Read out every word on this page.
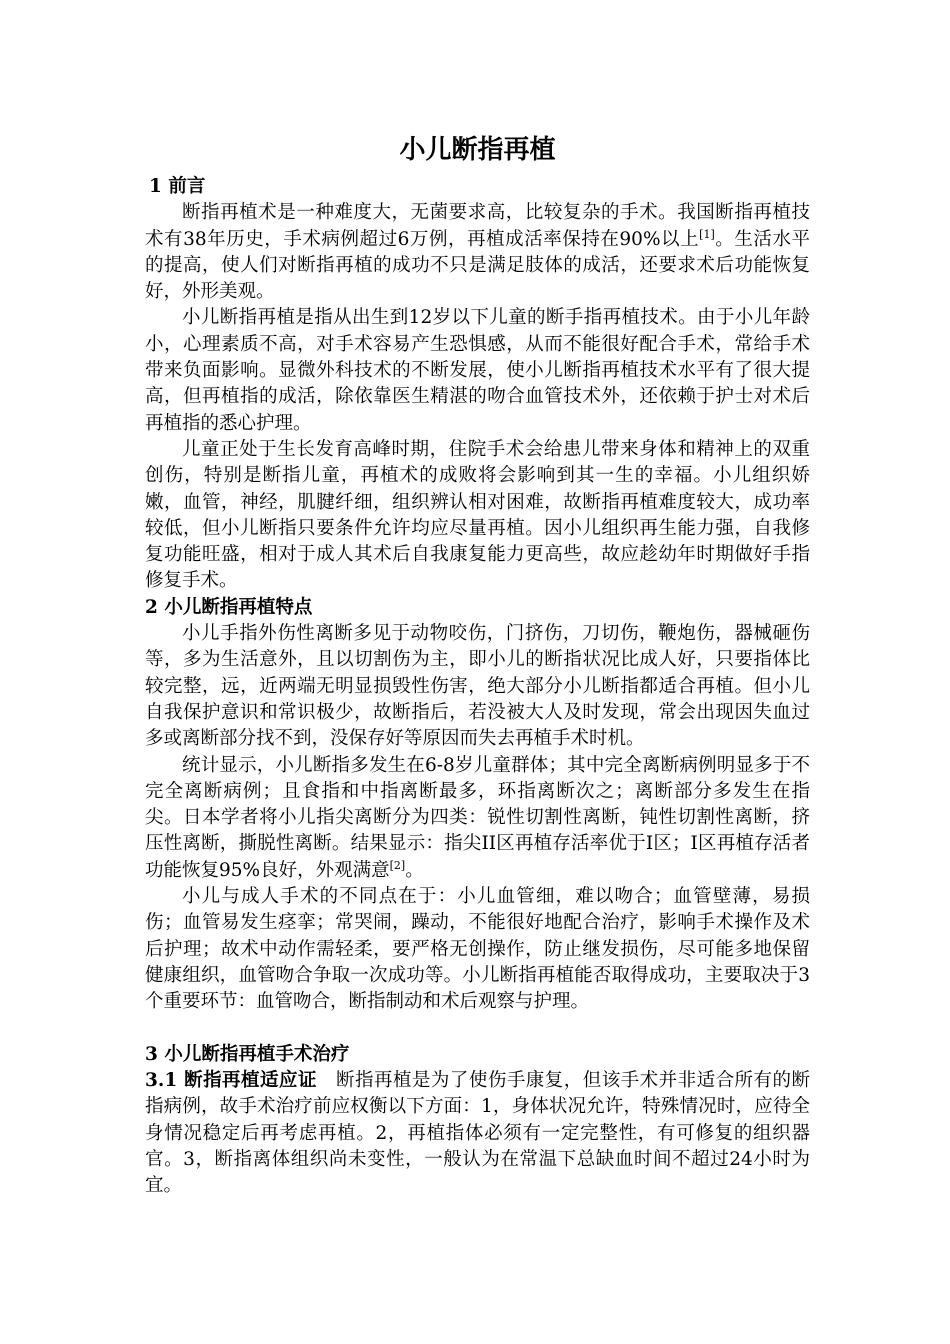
小儿断指再植

1 前言

断指再植术是一种难度大，无菌要求高，比较复杂的手术。我国断指再植技术有38年历史，手术病例超过6万例，再植成活率保持在90%以上[1]。生活水平的提高，使人们对断指再植的成功不只是满足肢体的成活，还要求术后功能恢复好，外形美观。

小儿断指再植是指从出生到12岁以下儿童的断手指再植技术。由于小儿年龄小，心理素质不高，对手术容易产生恐惧感，从而不能很好配合手术，常给手术带来负面影响。显微外科技术的不断发展，使小儿断指再植技术水平有了很大提高，但再植指的成活，除依靠医生精湛的吻合血管技术外，还依赖于护士对术后再植指的悉心护理。

儿童正处于生长发育高峰时期，住院手术会给患儿带来身体和精神上的双重创伤，特别是断指儿童，再植术的成败将会影响到其一生的幸福。小儿组织娇嫩，血管，神经，肌腱纤细，组织辨认相对困难，故断指再植难度较大，成功率较低，但小儿断指只要条件允许均应尽量再植。因小儿组织再生能力强，自我修复功能旺盛，相对于成人其术后自我康复能力更高些，故应趁幼年时期做好手指修复手术。

2 小儿断指再植特点

小儿手指外伤性离断多见于动物咬伤，门挤伤，刀切伤，鞭炮伤，器械砸伤等，多为生活意外，且以切割伤为主，即小儿的断指状况比成人好，只要指体比较完整，远，近两端无明显损毁性伤害，绝大部分小儿断指都适合再植。但小儿自我保护意识和常识极少，故断指后，若没被大人及时发现，常会出现因失血过多或离断部分找不到，没保存好等原因而失去再植手术时机。

统计显示，小儿断指多发生在6-8岁儿童群体；其中完全离断病例明显多于不完全离断病例；且食指和中指离断最多，环指离断次之；离断部分多发生在指尖。日本学者将小儿指尖离断分为四类：锐性切割性离断，钝性切割性离断，挤压性离断，撕脱性离断。结果显示：指尖II区再植存活率优于I区；I区再植存活者功能恢复95%良好，外观满意[2]。

小儿与成人手术的不同点在于：小儿血管细，难以吻合；血管壁薄，易损伤；血管易发生痉挛；常哭闹，躁动，不能很好地配合治疗，影响手术操作及术后护理；故术中动作需轻柔，要严格无创操作，防止继发损伤，尽可能多地保留健康组织，血管吻合争取一次成功等。小儿断指再植能否取得成功，主要取决于3个重要环节：血管吻合，断指制动和术后观察与护理。

3 小儿断指再植手术治疗

3.1 断指再植适应证 断指再植是为了使伤手康复，但该手术并非适合所有的断指病例，故手术治疗前应权衡以下方面：1，身体状况允许，特殊情况时，应待全身情况稳定后再考虑再植。2，再植指体必须有一定完整性，有可修复的组织器官。3，断指离体组织尚未变性，一般认为在常温下总缺血时间不超过24小时为宜。
